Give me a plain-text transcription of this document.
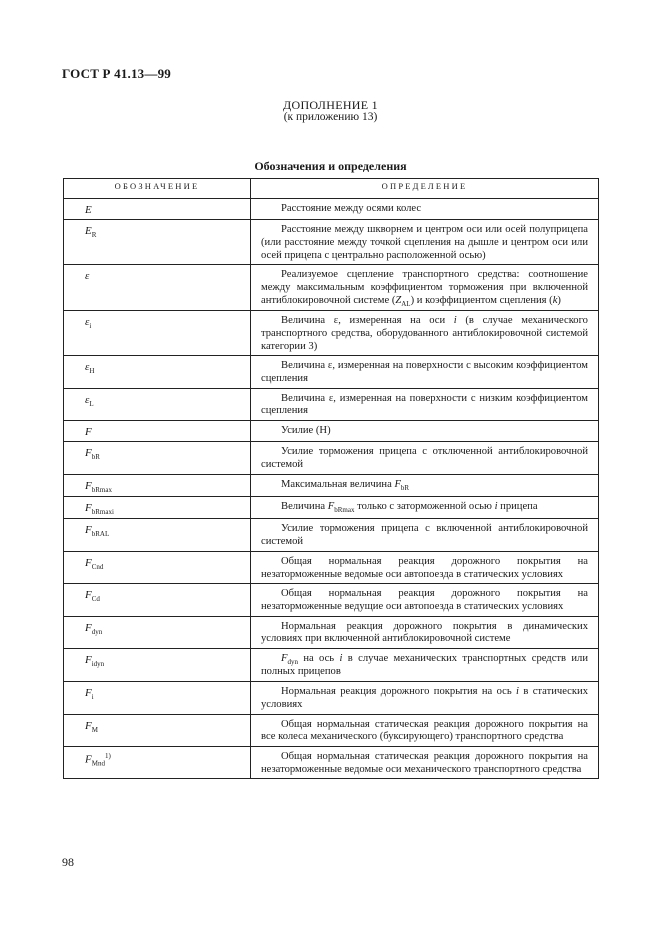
ГОСТ Р 41.13—99
ДОПОЛНЕНИЕ 1
(к приложению 13)
Обозначения и определения
ОБОЗНАЧЕНИЕ	ОПРЕДЕЛЕНИЕ
E	Расстояние между осями колес
$E_R$	Расстояние между шкворнем и центром оси или осей полуприцепа (или расстояние между точкой сцепления на дышле и центром оси или осей прицепа с центрально расположенной осью)
ε	Реализуемое сцепление транспортного средства: соотношение между максимальным коэффициентом торможения при включенной антиблокировочной системе $(Z_{AL})$ и коэффициентом сцепления (k)
$\varepsilon_i$	Величина ε, измеренная на оси i (в случае механического транспортного средства, оборудованного антиблокировочной системой категории 3)
$\varepsilon_H$	Величина ε, измеренная на поверхности с высоким коэффициентом сцепления
$\varepsilon_L$	Величина ε, измеренная на поверхности с низким коэффициентом сцепления
F	Усилие (Н)
$F_{bR}$	Усилие торможения прицепа с отключенной антиблокировочной системой
$F_{bRmax}$	Максимальная величина $F_{bR}$
$F_{bRmaxi}$	Величина $F_{bRmax}$ только с заторможенной осью i прицепа
$F_{bRAL}$	Усилие торможения прицепа с включенной антиблокировочной системой
$F_{Cnd}$	Общая нормальная реакция дорожного покрытия на незаторможенные ведомые оси автопоезда в статических условиях
$F_{Cd}$	Общая нормальная реакция дорожного покрытия на незаторможенные ведущие оси автопоезда в статических условиях
$F_{dyn}$	Нормальная реакция дорожного покрытия в динамических условиях при включенной антиблокировочной системе
$F_{idyn}$	$F_{dyn}$ на ось i в случае механических транспортных средств или полных прицепов
$F_i$	Нормальная реакция дорожного покрытия на ось i в статических условиях
$F_M$	Общая нормальная статическая реакция дорожного покрытия на все колеса механического (буксирующего) транспортного средства
$F_{Mnd}^{1)}$	Общая нормальная статическая реакция дорожного покрытия на незаторможенные ведомые оси механического транспортного средства
98
